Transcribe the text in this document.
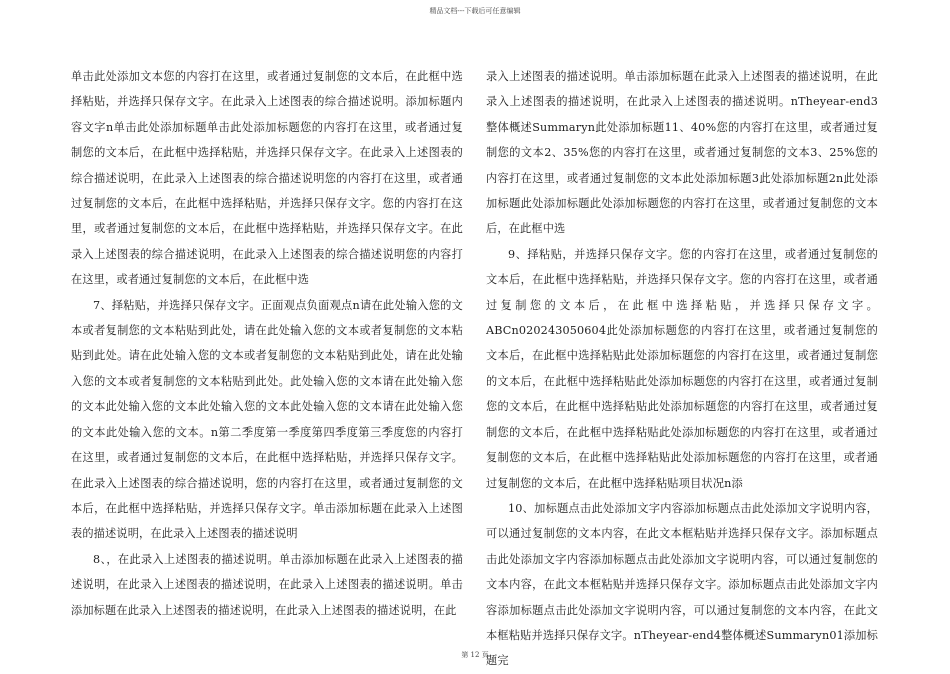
精品文档---下载后可任意编辑

单击此处添加文本您的内容打在这里，或者通过复制您的文本后，在此框中选择粘贴，并选择只保存文字。在此录入上述图表的综合描述说明。添加标题内容文字n单击此处添加标题单击此处添加标题您的内容打在这里，或者通过复制您的文本后，在此框中选择粘贴，并选择只保存文字。在此录入上述图表的综合描述说明，在此录入上述图表的综合描述说明您的内容打在这里，或者通过复制您的文本后，在此框中选择粘贴，并选择只保存文字。您的内容打在这里，或者通过复制您的文本后，在此框中选择粘贴，并选择只保存文字。在此录入上述图表的综合描述说明，在此录入上述图表的综合描述说明您的内容打在这里，或者通过复制您的文本后，在此框中选

7、择粘贴，并选择只保存文字。正面观点负面观点n请在此处输入您的文本或者复制您的文本粘贴到此处，请在此处输入您的文本或者复制您的文本粘贴到此处。请在此处输入您的文本或者复制您的文本粘贴到此处，请在此处输入您的文本或者复制您的文本粘贴到此处。此处输入您的文本请在此处输入您的文本此处输入您的文本此处输入您的文本此处输入您的文本请在此处输入您的文本此处输入您的文本。n第二季度第一季度第四季度第三季度您的内容打在这里，或者通过复制您的文本后，在此框中选择粘贴，并选择只保存文字。在此录入上述图表的综合描述说明，您的内容打在这里，或者通过复制您的文本后，在此框中选择粘贴，并选择只保存文字。单击添加标题在此录入上述图表的描述说明，在此录入上述图表的描述说明

8、，在此录入上述图表的描述说明。单击添加标题在此录入上述图表的描述说明，在此录入上述图表的描述说明，在此录入上述图表的描述说明。单击添加标题在此录入上述图表的描述说明，在此录入上述图表的描述说明，在此

录入上述图表的描述说明。单击添加标题在此录入上述图表的描述说明，在此录入上述图表的描述说明，在此录入上述图表的描述说明。nTheyear-end3整体概述Summaryn此处添加标题11、40%您的内容打在这里，或者通过复制您的文本2、35%您的内容打在这里，或者通过复制您的文本3、25%您的内容打在这里，或者通过复制您的文本此处添加标题3此处添加标题2n此处添加标题此处添加标题此处添加标题您的内容打在这里，或者通过复制您的文本后，在此框中选

9、择粘贴，并选择只保存文字。您的内容打在这里，或者通过复制您的文本后，在此框中选择粘贴，并选择只保存文字。您的内容打在这里，或者通过复制您的文本后，在此框中选择粘贴，并选择只保存文字。ABCn020243050604此处添加标题您的内容打在这里，或者通过复制您的文本后，在此框中选择粘贴此处添加标题您的内容打在这里，或者通过复制您的文本后，在此框中选择粘贴此处添加标题您的内容打在这里，或者通过复制您的文本后，在此框中选择粘贴此处添加标题您的内容打在这里，或者通过复制您的文本后，在此框中选择粘贴此处添加标题您的内容打在这里，或者通过复制您的文本后，在此框中选择粘贴此处添加标题您的内容打在这里，或者通过复制您的文本后，在此框中选择粘贴项目状况n添

10、加标题点击此处添加文字内容添加标题点击此处添加文字说明内容，可以通过复制您的文本内容，在此文本框粘贴并选择只保存文字。添加标题点击此处添加文字内容添加标题点击此处添加文字说明内容，可以通过复制您的文本内容，在此文本框粘贴并选择只保存文字。添加标题点击此处添加文字内容添加标题点击此处添加文字说明内容，可以通过复制您的文本内容，在此文本框粘贴并选择只保存文字。nTheyear-end4整体概述Summaryn01添加标题完

第 12 页
